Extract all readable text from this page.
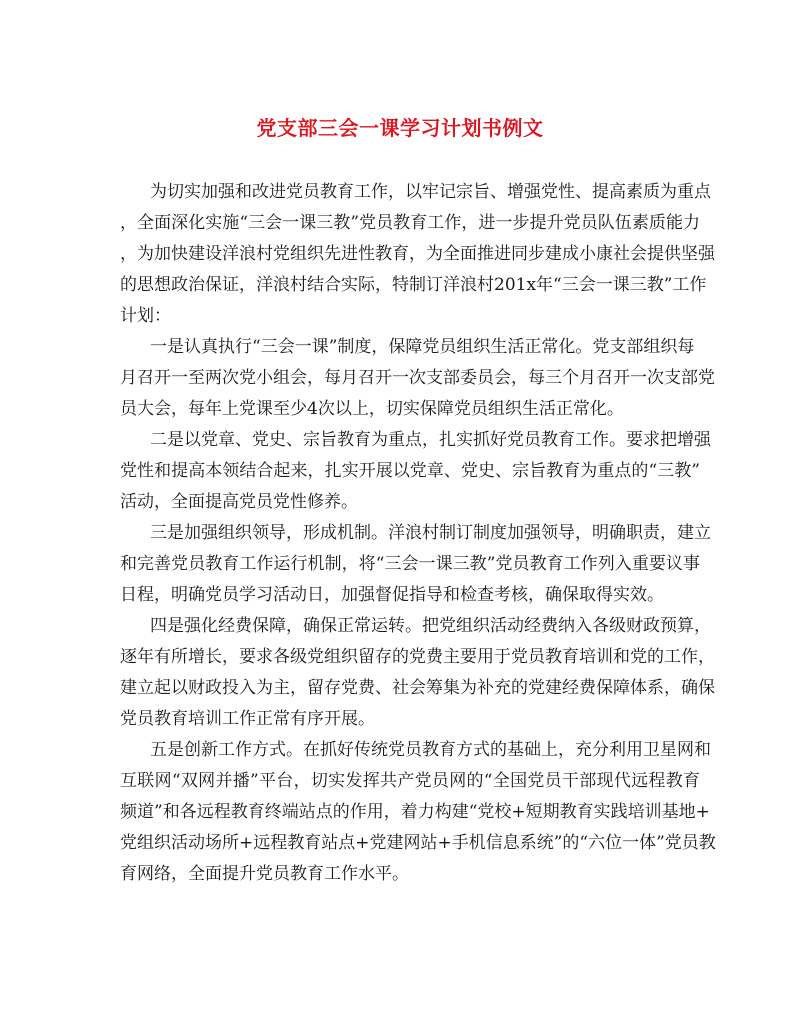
党支部三会一课学习计划书例文
为切实加强和改进党员教育工作，以牢记宗旨、增强党性、提高素质为重点
，全面深化实施“三会一课三教”党员教育工作，进一步提升党员队伍素质能力
，为加快建设洋浪村党组织先进性教育，为全面推进同步建成小康社会提供坚强
的思想政治保证，洋浪村结合实际，特制订洋浪村201x年“三会一课三教”工作
计划：
一是认真执行“三会一课”制度，保障党员组织生活正常化。党支部组织每
月召开一至两次党小组会，每月召开一次支部委员会，每三个月召开一次支部党
员大会，每年上党课至少4次以上，切实保障党员组织生活正常化。
二是以党章、党史、宗旨教育为重点，扎实抓好党员教育工作。要求把增强
党性和提高本领结合起来，扎实开展以党章、党史、宗旨教育为重点的“三教”
活动，全面提高党员党性修养。
三是加强组织领导，形成机制。洋浪村制订制度加强领导，明确职责，建立
和完善党员教育工作运行机制，将“三会一课三教”党员教育工作列入重要议事
日程，明确党员学习活动日，加强督促指导和检查考核，确保取得实效。
四是强化经费保障，确保正常运转。把党组织活动经费纳入各级财政预算，
逐年有所增长，要求各级党组织留存的党费主要用于党员教育培训和党的工作，
建立起以财政投入为主，留存党费、社会筹集为补充的党建经费保障体系，确保
党员教育培训工作正常有序开展。
五是创新工作方式。在抓好传统党员教育方式的基础上，充分利用卫星网和
互联网“双网并播”平台，切实发挥共产党员网的“全国党员干部现代远程教育
频道”和各远程教育终端站点的作用，着力构建“党校+短期教育实践培训基地+
党组织活动场所+远程教育站点+党建网站+手机信息系统”的“六位一体”党员教
育网络，全面提升党员教育工作水平。
